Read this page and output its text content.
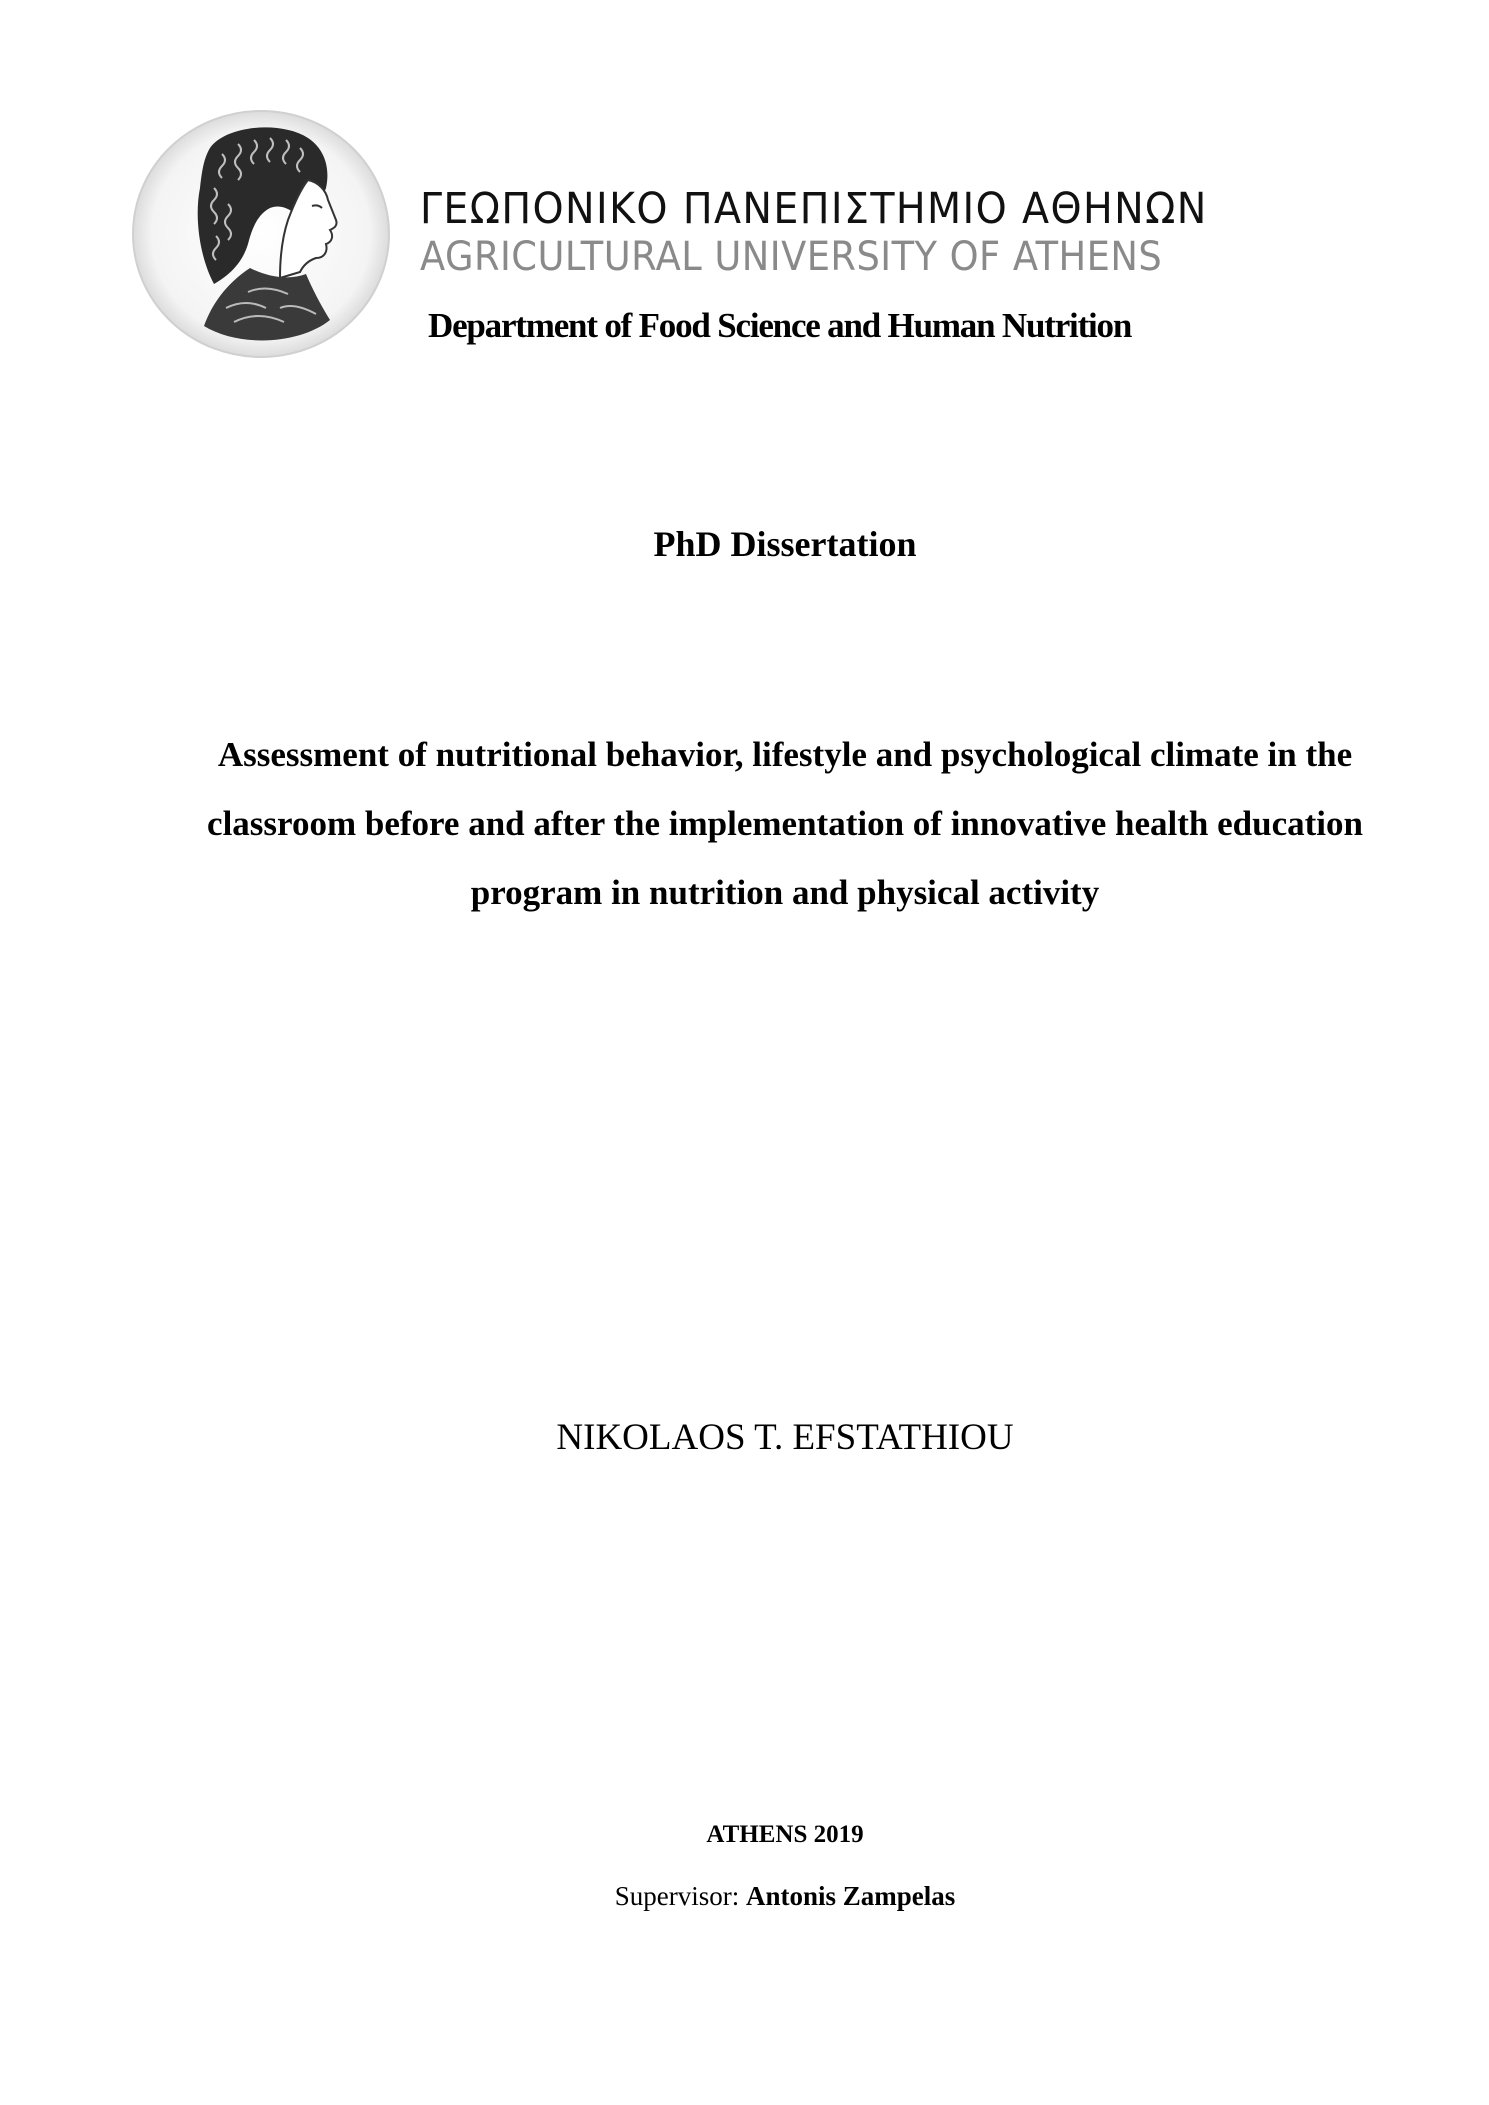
ΓΕΩΠΟΝΙΚΟ ΠΑΝΕΠΙΣΤΗΜΙΟ ΑΘΗΝΩΝ
AGRICULTURAL UNIVERSITY OF ATHENS
Department of Food Science and Human Nutrition
PhD Dissertation
Assessment of nutritional behavior, lifestyle and psychological climate in the classroom before and after the implementation of innovative health education program in nutrition and physical activity
NIKOLAOS T. EFSTATHIOU
ATHENS 2019
Supervisor: Antonis Zampelas
